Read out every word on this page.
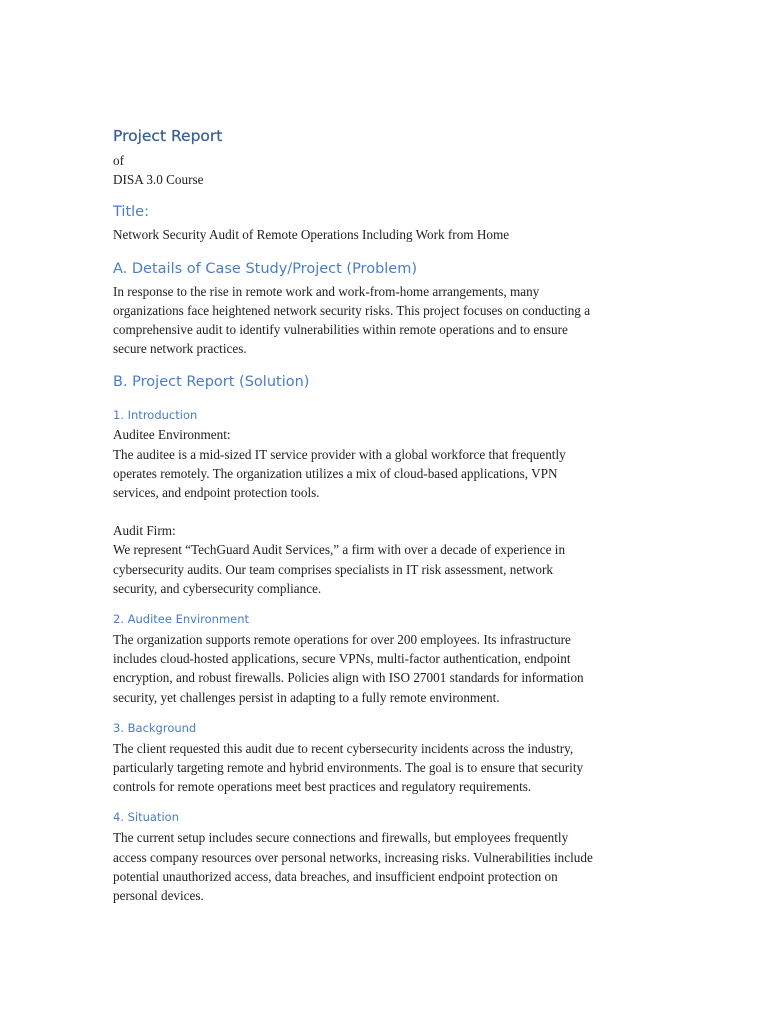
Project Report
of
DISA 3.0 Course
Title:
Network Security Audit of Remote Operations Including Work from Home
A. Details of Case Study/Project (Problem)
In response to the rise in remote work and work-from-home arrangements, many
organizations face heightened network security risks. This project focuses on conducting a
comprehensive audit to identify vulnerabilities within remote operations and to ensure
secure network practices.
B. Project Report (Solution)
1. Introduction
Auditee Environment:
The auditee is a mid-sized IT service provider with a global workforce that frequently
operates remotely. The organization utilizes a mix of cloud-based applications, VPN
services, and endpoint protection tools.
Audit Firm:
We represent “TechGuard Audit Services,” a firm with over a decade of experience in
cybersecurity audits. Our team comprises specialists in IT risk assessment, network
security, and cybersecurity compliance.
2. Auditee Environment
The organization supports remote operations for over 200 employees. Its infrastructure
includes cloud-hosted applications, secure VPNs, multi-factor authentication, endpoint
encryption, and robust firewalls. Policies align with ISO 27001 standards for information
security, yet challenges persist in adapting to a fully remote environment.
3. Background
The client requested this audit due to recent cybersecurity incidents across the industry,
particularly targeting remote and hybrid environments. The goal is to ensure that security
controls for remote operations meet best practices and regulatory requirements.
4. Situation
The current setup includes secure connections and firewalls, but employees frequently
access company resources over personal networks, increasing risks. Vulnerabilities include
potential unauthorized access, data breaches, and insufficient endpoint protection on
personal devices.
